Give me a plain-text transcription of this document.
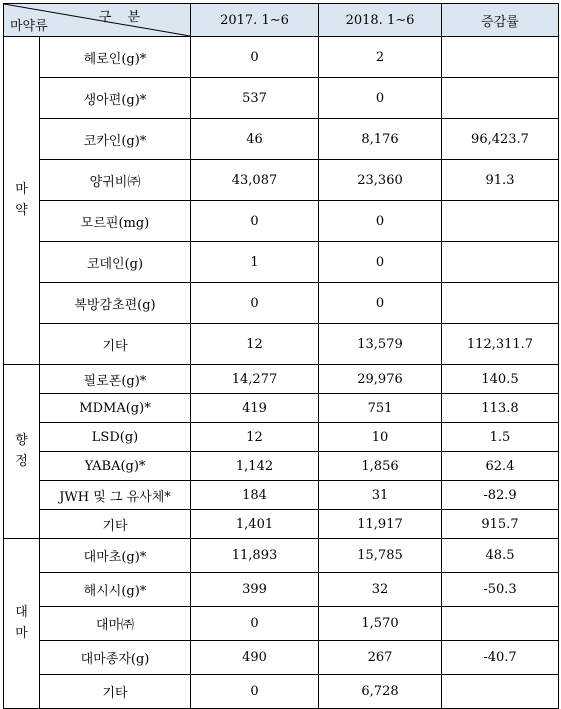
구 분
마약류		2017. 1∼6	2018. 1∼6	증감률

마
약	헤로인(g)*	0	2	
	생아편(g)*	537	0	
	코카인(g)*	46	8,176	96,423.7
	양귀비㈜	43,087	23,360	91.3
	모르핀(mg)	0	0	
	코데인(g)	1	0	
	복방감초편(g)	0	0	
	기타	12	13,579	112,311.7

향
정	필로폰(g)*	14,277	29,976	140.5
	MDMA(g)*	419	751	113.8
	LSD(g)	12	10	1.5
	YABA(g)*	1,142	1,856	62.4
	JWH 및 그 유사체*	184	31	-82.9
	기타	1,401	11,917	915.7

대
마	대마초(g)*	11,893	15,785	48.5
	해시시(g)*	399	32	-50.3
	대마㈜	0	1,570	
	대마종자(g)	490	267	-40.7
	기타	0	6,728	
